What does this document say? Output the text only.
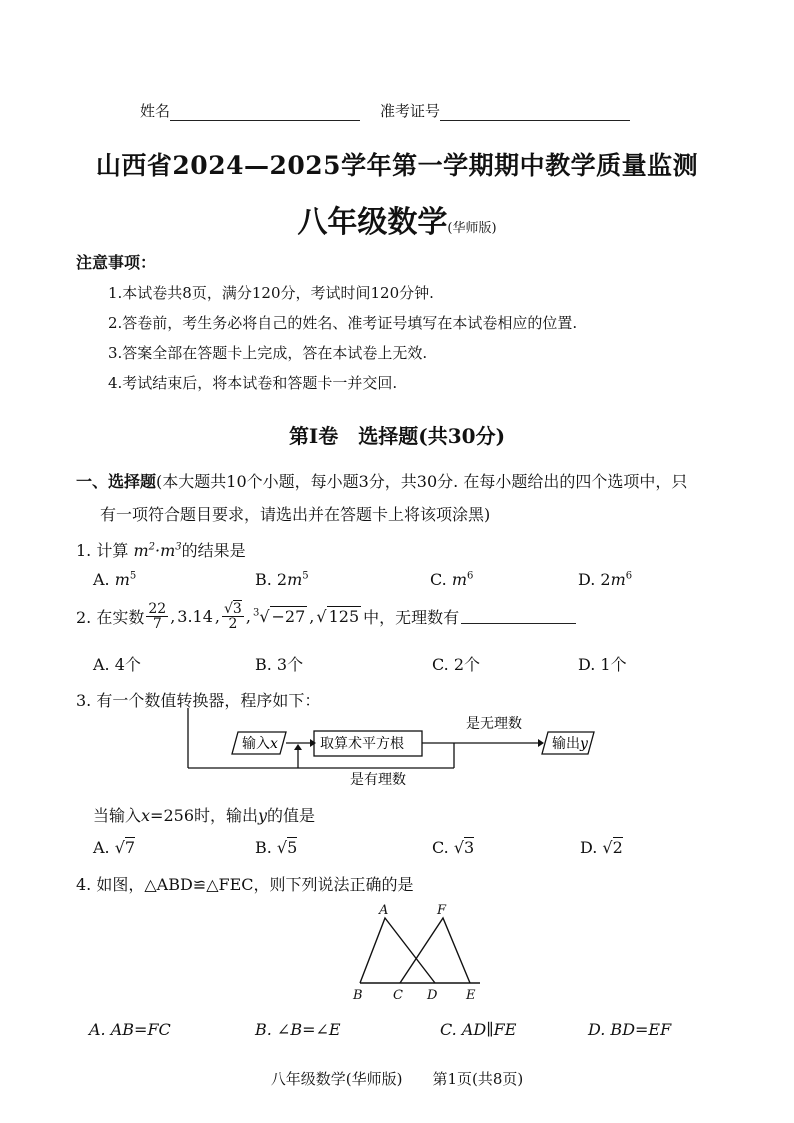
姓名	准考证号
山西省2024—2025学年第一学期期中教学质量监测
八年级数学(华师版)
注意事项：
1.本试卷共8页，满分120分，考试时间120分钟.
2.答卷前，考生务必将自己的姓名、准考证号填写在本试卷相应的位置.
3.答案全部在答题卡上完成，答在本试卷上无效.
4.考试结束后，将本试卷和答题卡一并交回.
第Ⅰ卷　选择题(共30分)
一、选择题(本大题共10个小题，每小题3分，共30分. 在每小题给出的四个选项中，只
有一项符合题目要求，请选出并在答题卡上将该项涂黑)
1. 计算 $m^2\cdot m^3$的结果是
A. $m^5$	B. $2m^5$	C. $m^6$	D. $2m^6$
2. 在实数 $\frac{22}{7}$ , 3.14 , $\frac{√3}{2}$ , $^3$√ −27 , √ 125 中，无理数有
A. 4个	B. 3个	C. 2个	D. 1个
3. 有一个数值转换器，程序如下：
输入x	取算术平方根	输出y
是无理数
是有理数
当输入x=256时，输出y的值是
A. √7	B. √5	C. √3	D. √2
4. 如图，△ABD≌△FEC，则下列说法正确的是
A	F
B C D E
A. AB=FC	B. ∠B=∠E	C. AD∥FE	D. BD=EF
八年级数学(华师版)　　第1页(共8页)
